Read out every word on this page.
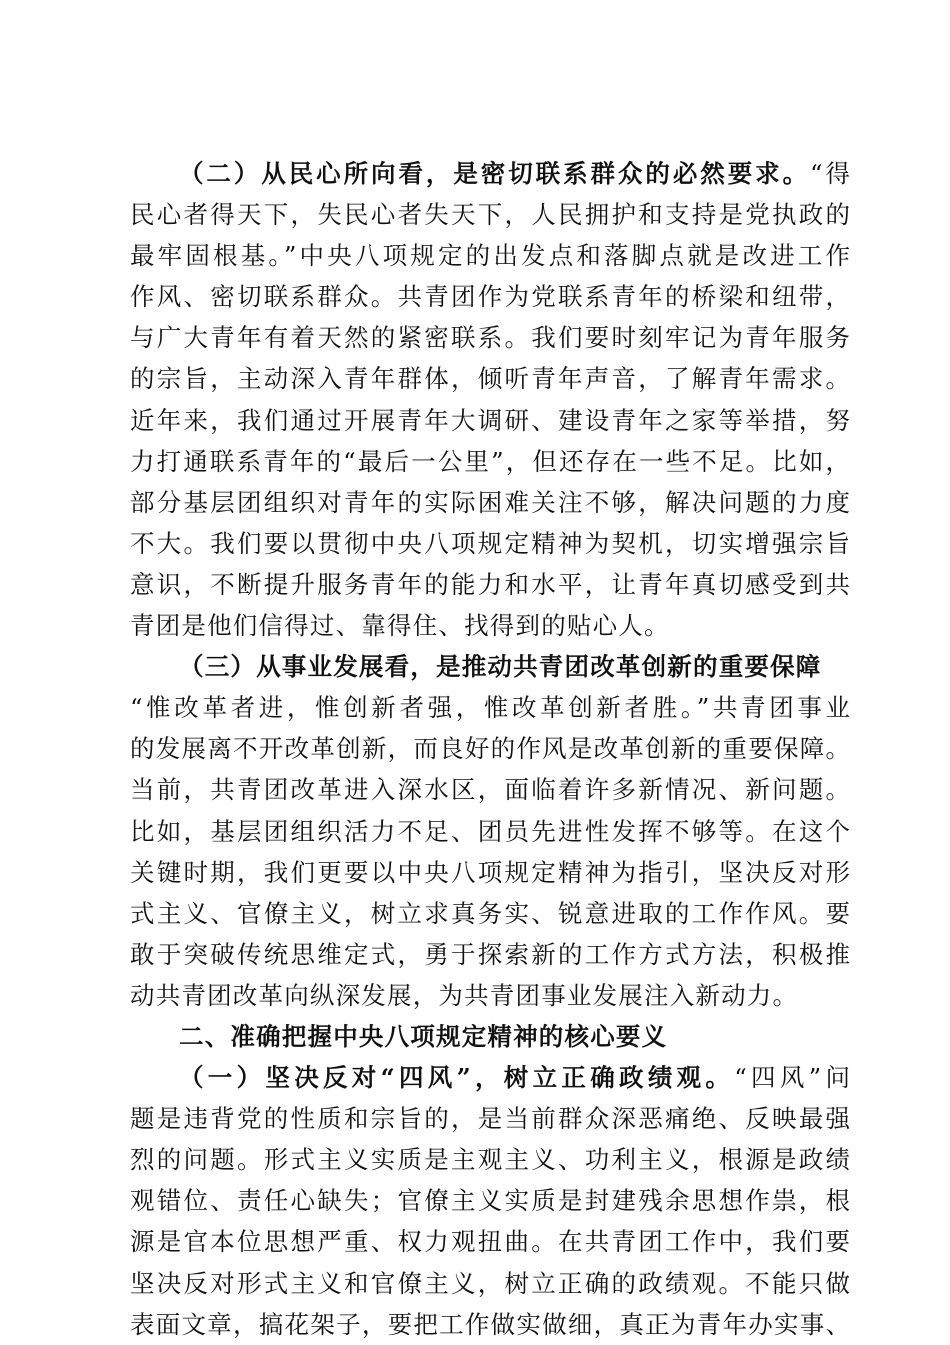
（二）从民心所向看，是密切联系群众的必然要求。“得
民心者得天下，失民心者失天下，人民拥护和支持是党执政的
最牢固根基。”中央八项规定的出发点和落脚点就是改进工作
作风、密切联系群众。共青团作为党联系青年的桥梁和纽带，
与广大青年有着天然的紧密联系。我们要时刻牢记为青年服务
的宗旨，主动深入青年群体，倾听青年声音，了解青年需求。
近年来，我们通过开展青年大调研、建设青年之家等举措，努
力打通联系青年的“最后一公里”，但还存在一些不足。比如，
部分基层团组织对青年的实际困难关注不够，解决问题的力度
不大。我们要以贯彻中央八项规定精神为契机，切实增强宗旨
意识，不断提升服务青年的能力和水平，让青年真切感受到共
青团是他们信得过、靠得住、找得到的贴心人。
（三）从事业发展看，是推动共青团改革创新的重要保障
“惟改革者进，惟创新者强，惟改革创新者胜。”共青团事业
的发展离不开改革创新，而良好的作风是改革创新的重要保障。
当前，共青团改革进入深水区，面临着许多新情况、新问题。
比如，基层团组织活力不足、团员先进性发挥不够等。在这个
关键时期，我们更要以中央八项规定精神为指引，坚决反对形
式主义、官僚主义，树立求真务实、锐意进取的工作作风。要
敢于突破传统思维定式，勇于探索新的工作方式方法，积极推
动共青团改革向纵深发展，为共青团事业发展注入新动力。
二、准确把握中央八项规定精神的核心要义
（一）坚决反对“四风”，树立正确政绩观。“四风”问
题是违背党的性质和宗旨的，是当前群众深恶痛绝、反映最强
烈的问题。形式主义实质是主观主义、功利主义，根源是政绩
观错位、责任心缺失；官僚主义实质是封建残余思想作祟，根
源是官本位思想严重、权力观扭曲。在共青团工作中，我们要
坚决反对形式主义和官僚主义，树立正确的政绩观。不能只做
表面文章，搞花架子，要把工作做实做细，真正为青年办实事、
